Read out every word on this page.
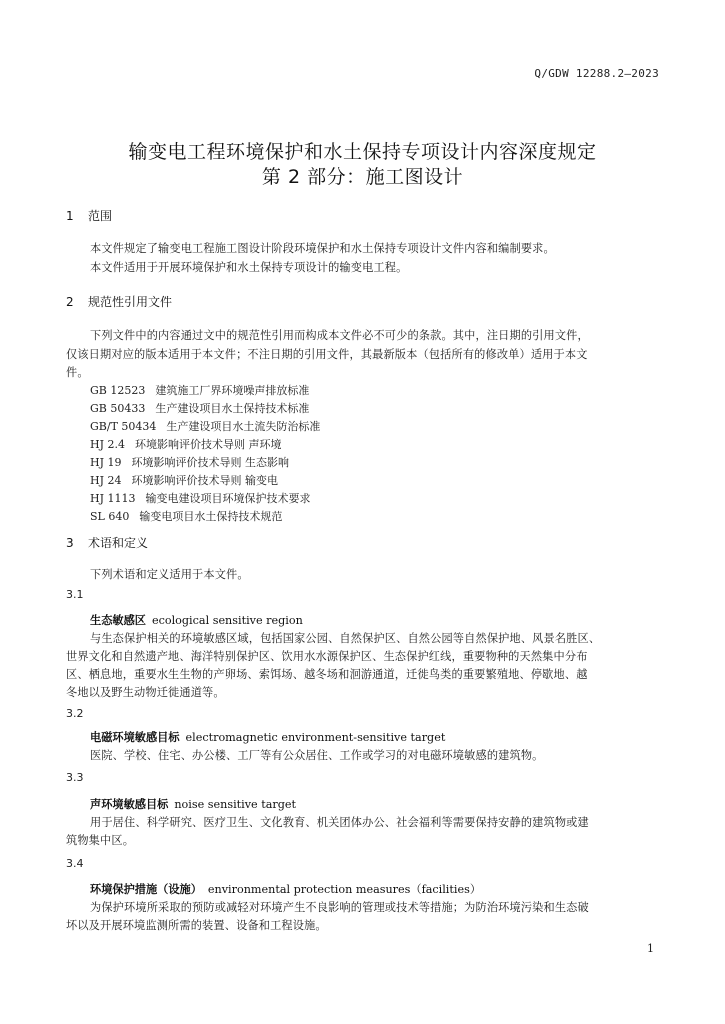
Q/GDW 12288.2—2023
输变电工程环境保护和水土保持专项设计内容深度规定
第 2 部分：施工图设计
1 范围
本文件规定了输变电工程施工图设计阶段环境保护和水土保持专项设计文件内容和编制要求。
本文件适用于开展环境保护和水土保持专项设计的输变电工程。
2 规范性引用文件
下列文件中的内容通过文中的规范性引用而构成本文件必不可少的条款。其中，注日期的引用文件，
仅该日期对应的版本适用于本文件；不注日期的引用文件，其最新版本（包括所有的修改单）适用于本文
件。
GB 12523 建筑施工厂界环境噪声排放标准
GB 50433 生产建设项目水土保持技术标准
GB/T 50434 生产建设项目水土流失防治标准
HJ 2.4 环境影响评价技术导则 声环境
HJ 19 环境影响评价技术导则 生态影响
HJ 24 环境影响评价技术导则 输变电
HJ 1113 输变电建设项目环境保护技术要求
SL 640 输变电项目水土保持技术规范
3 术语和定义
下列术语和定义适用于本文件。
3.1
生态敏感区 ecological sensitive region
与生态保护相关的环境敏感区域，包括国家公园、自然保护区、自然公园等自然保护地、风景名胜区、
世界文化和自然遗产地、海洋特别保护区、饮用水水源保护区、生态保护红线，重要物种的天然集中分布
区、栖息地，重要水生生物的产卵场、索饵场、越冬场和洄游通道，迁徙鸟类的重要繁殖地、停歇地、越
冬地以及野生动物迁徙通道等。
3.2
电磁环境敏感目标 electromagnetic environment-sensitive target
医院、学校、住宅、办公楼、工厂等有公众居住、工作或学习的对电磁环境敏感的建筑物。
3.3
声环境敏感目标 noise sensitive target
用于居住、科学研究、医疗卫生、文化教育、机关团体办公、社会福利等需要保持安静的建筑物或建
筑物集中区。
3.4
环境保护措施（设施） environmental protection measures（facilities）
为保护环境所采取的预防或减轻对环境产生不良影响的管理或技术等措施；为防治环境污染和生态破
坏以及开展环境监测所需的装置、设备和工程设施。
1
